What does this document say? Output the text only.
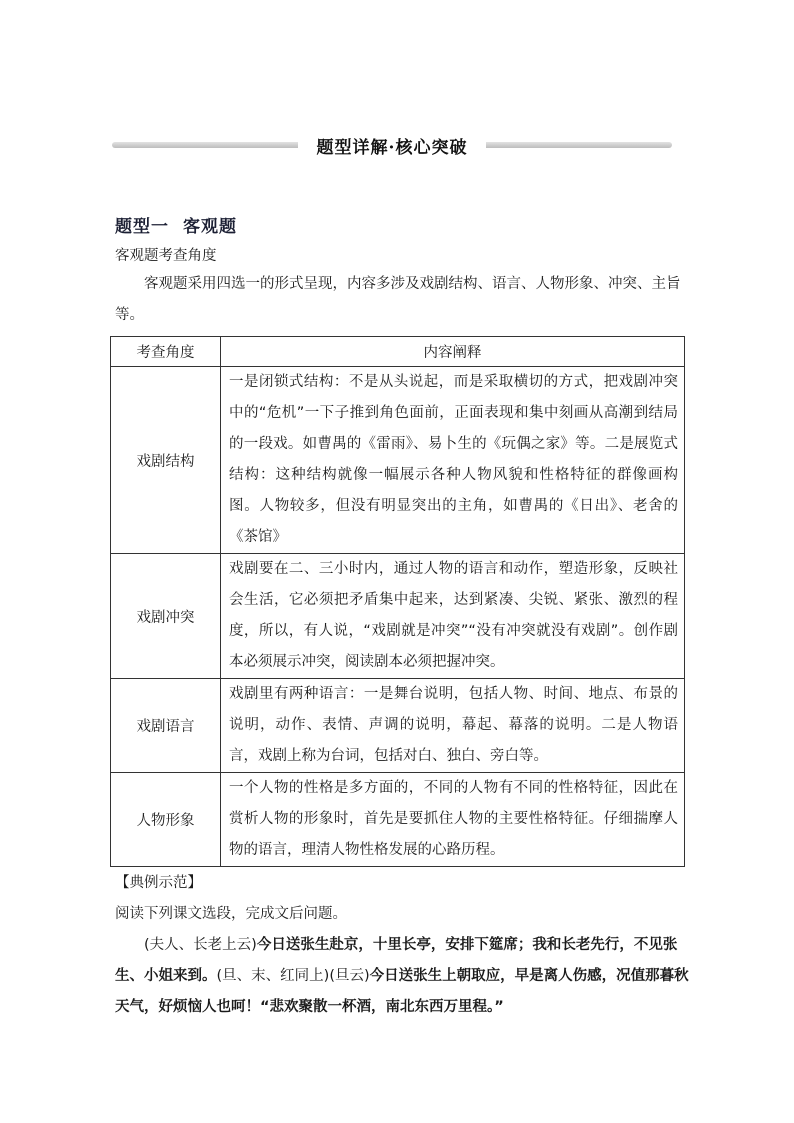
题型详解·核心突破
题型一 客观题
客观题考查角度
客观题采用四选一的形式呈现，内容多涉及戏剧结构、语言、人物形象、冲突、主旨等。
考查角度	内容阐释
戏剧结构	一是闭锁式结构：不是从头说起，而是采取横切的方式，把戏剧冲突中的“危机”一下子推到角色面前，正面表现和集中刻画从高潮到结局的一段戏。如曹禺的《雷雨》、易卜生的《玩偶之家》等。二是展览式结构：这种结构就像一幅展示各种人物风貌和性格特征的群像画构图。人物较多，但没有明显突出的主角，如曹禺的《日出》、老舍的《茶馆》
戏剧冲突	戏剧要在二、三小时内，通过人物的语言和动作，塑造形象，反映社会生活，它必须把矛盾集中起来，达到紧凑、尖锐、紧张、激烈的程度，所以，有人说，“戏剧就是冲突”“没有冲突就没有戏剧”。创作剧本必须展示冲突，阅读剧本必须把握冲突。
戏剧语言	戏剧里有两种语言：一是舞台说明，包括人物、时间、地点、布景的说明，动作、表情、声调的说明，幕起、幕落的说明。二是人物语言，戏剧上称为台词，包括对白、独白、旁白等。
人物形象	一个人物的性格是多方面的，不同的人物有不同的性格特征，因此在赏析人物的形象时，首先是要抓住人物的主要性格特征。仔细揣摩人物的语言，理清人物性格发展的心路历程。
【典例示范】
阅读下列课文选段，完成文后问题。
(夫人、长老上云)今日送张生赴京，十里长亭，安排下筵席；我和长老先行，不见张生、小姐来到。(旦、末、红同上)(旦云)今日送张生上朝取应，早是离人伤感，况值那暮秋天气，好烦恼人也呵！“悲欢聚散一杯酒，南北东西万里程。”
